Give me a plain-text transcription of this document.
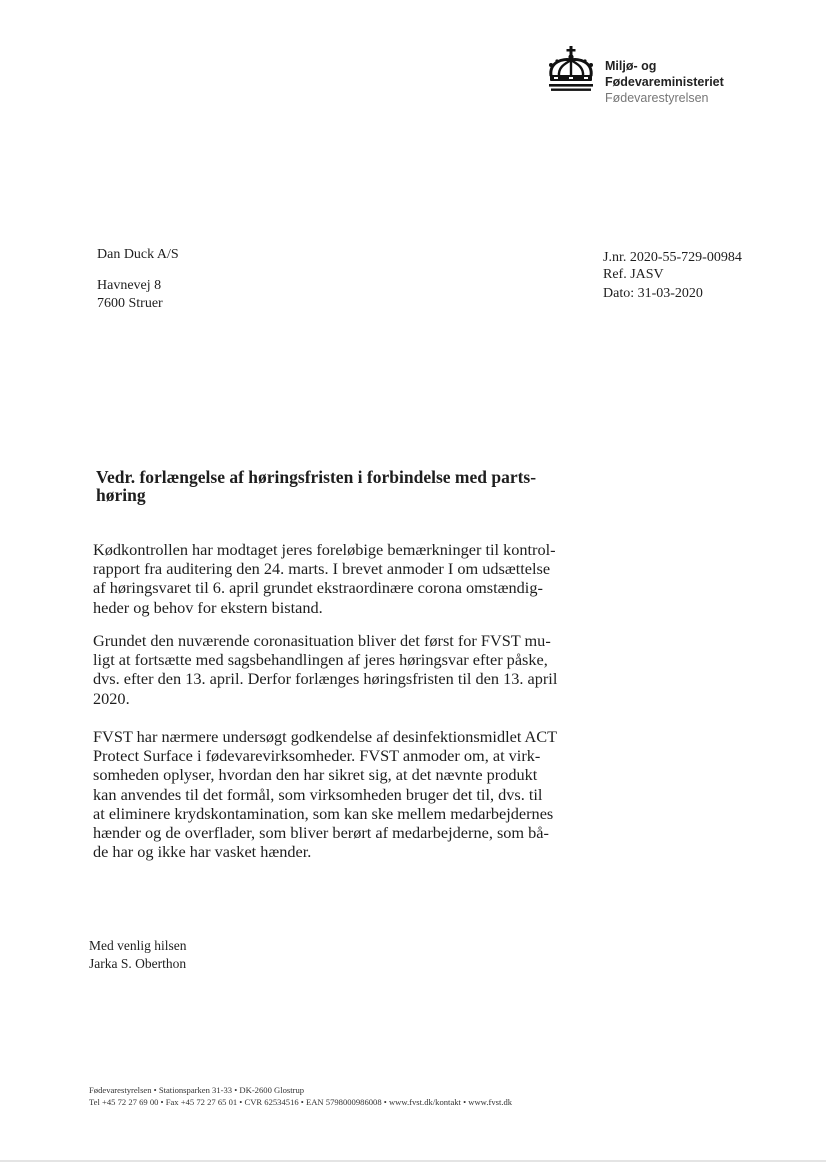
Miljø- og
Fødevareministeriet
Fødevarestyrelsen
Dan Duck A/S
Havnevej 8
7600 Struer
J.nr. 2020-55-729-00984
Ref. JASV
Dato: 31-03-2020
Vedr. forlængelse af høringsfristen i forbindelse med parts-
høring
Kødkontrollen har modtaget jeres foreløbige bemærkninger til kontrol-
rapport fra auditering den 24. marts. I brevet anmoder I om udsættelse
af høringsvaret til 6. april grundet ekstraordinære corona omstændig-
heder og behov for ekstern bistand.
Grundet den nuværende coronasituation bliver det først for FVST mu-
ligt at fortsætte med sagsbehandlingen af jeres høringsvar efter påske,
dvs. efter den 13. april. Derfor forlænges høringsfristen til den 13. april
2020.
FVST har nærmere undersøgt godkendelse af desinfektionsmidlet ACT
Protect Surface i fødevarevirksomheder. FVST anmoder om, at virk-
somheden oplyser, hvordan den har sikret sig, at det nævnte produkt
kan anvendes til det formål, som virksomheden bruger det til, dvs. til
at eliminere krydskontamination, som kan ske mellem medarbejdernes
hænder og de overflader, som bliver berørt af medarbejderne, som bå-
de har og ikke har vasket hænder.
Med venlig hilsen
Jarka S. Oberthon
Fødevarestyrelsen • Stationsparken 31-33 • DK-2600 Glostrup
Tel +45 72 27 69 00 • Fax +45 72 27 65 01 • CVR 62534516 • EAN 5798000986008 • www.fvst.dk/kontakt • www.fvst.dk
